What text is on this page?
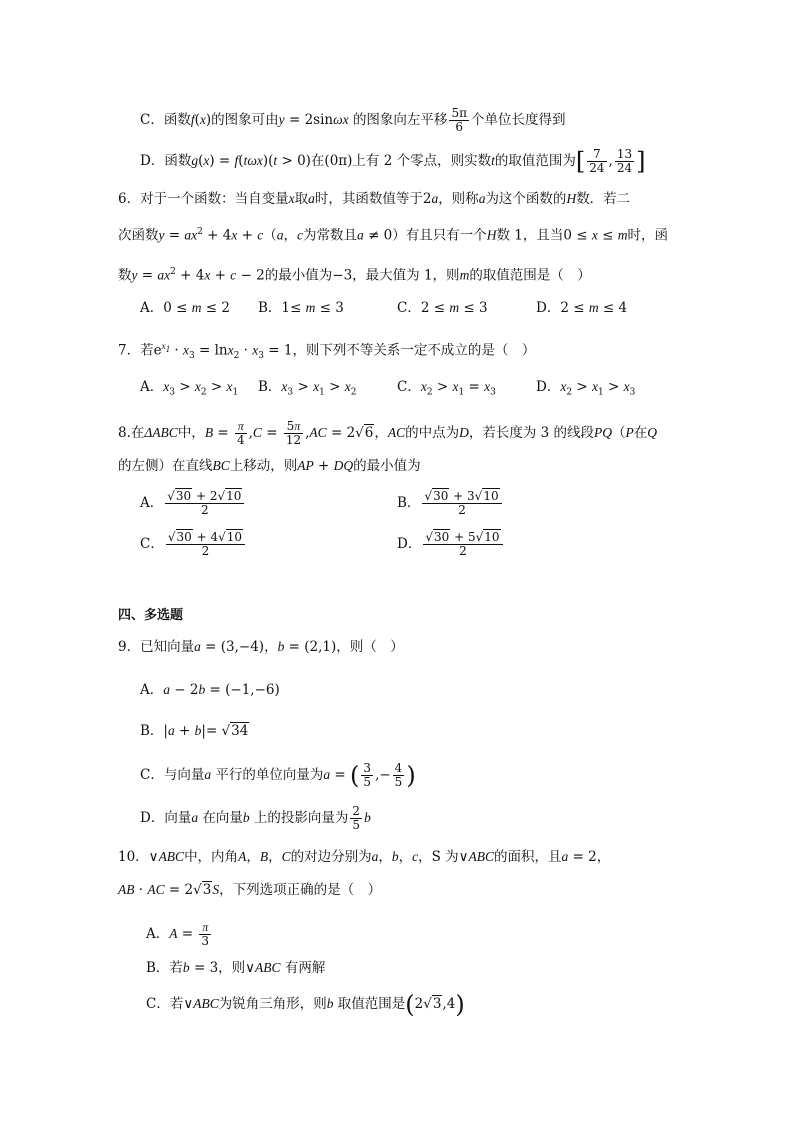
C．函数f(x)的图象可由y = 2sinωx 的图象向左平移 $\frac{5\pi}{6}$ 个单位长度得到
D．函数g(x) = f(tωx)(t > 0)在(0π)上有 2 个零点，则实数t的取值范围为[ $\frac{7}{24}$ , $\frac{13}{24}$ ]
6．对于一个函数：当自变量x取a时，其函数值等于2a，则称a为这个函数的H数．若二
次函数$y = ax^2 + 4x + c(a$，c为常数且a ≠ 0）有且只有一个H数 1，且当0 ≤ x ≤ m时，函
数$y = ax^2 + 4x + c - 2$的最小值为−3，最大值为 1，则m的取值范围是（　）
A．0 ≤ m ≤ 2 B．1≤ m ≤ 3	C．2 ≤ m ≤ 3	D．2 ≤ m ≤ 4
7．若$e^{x_1} \cdot x_3 = \ln x_2 \cdot x_3 = 1$，则下列不等关系一定不成立的是（　）
A．$x_3 > x_2 > x_1$ B．$x_3 > x_1 > x_2$	C．$x_2 > x_1 = x_3$	D．$x_2 > x_1 > x_3$
8.在ΔABC中，$B = \frac{\pi}{4} ,C = \frac{5\pi}{12} ,AC = 2√6$，AC的中点为D，若长度为 3 的线段PQ（P在Q
的左侧）在直线BC上移动，则AP + DQ的最小值为
A． $\frac{√30 + 2√10}{2}$	B． $\frac{√30 + 3√10}{2}$
C． $\frac{√30 + 4√10}{2}$	D． $\frac{√30 + 5√10}{2}$
四、多选题
9．已知向量a = (3,−4)，b = (2,1)，则（　）
A．a − 2b = (−1,−6)
B．|a + b|= √34
C．与向量a 平行的单位向量为a = ( $\frac{3}{5}$ ,− $\frac{4}{5}$ )
D．向量a 在向量b 上的投影向量为 $\frac{2}{5}$ b
10．∨ABC中，内角A，B，C的对边分别为a，b，c，S 为∨ABC的面积，且a = 2，
AB · AC = 2√3S，下列选项正确的是（　）
A．$A = \frac{\pi}{3}$
B．若b = 3，则∨ABC 有两解
C．若∨ABC为锐角三角形，则b 取值范围是(2√3,4)
